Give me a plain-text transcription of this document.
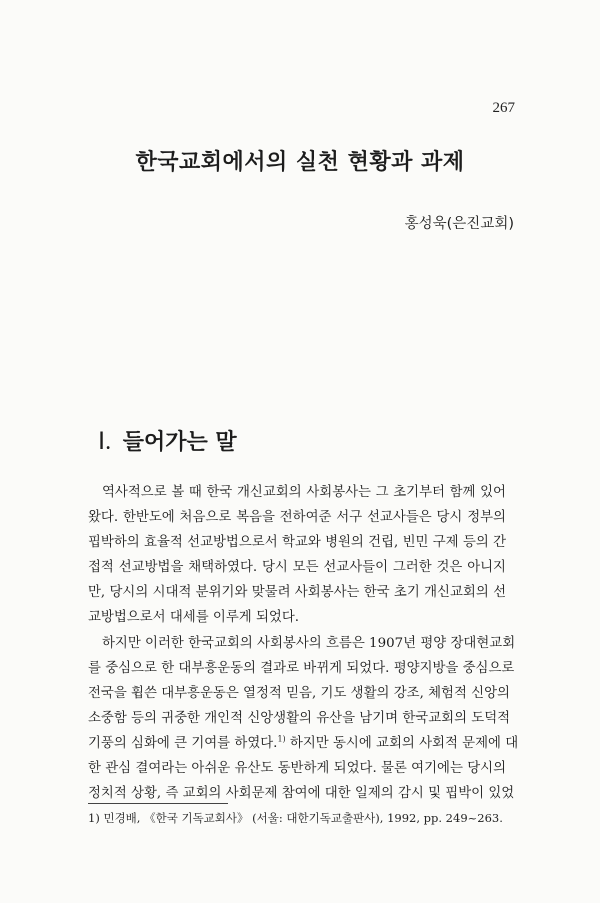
267
한국교회에서의 실천 현황과 과제
홍성욱(은진교회)
Ⅰ. 들어가는 말
역사적으로 볼 때 한국 개신교회의 사회봉사는 그 초기부터 함께 있어
왔다. 한반도에 처음으로 복음을 전하여준 서구 선교사들은 당시 정부의
핍박하의 효율적 선교방법으로서 학교와 병원의 건립, 빈민 구제 등의 간
접적 선교방법을 채택하였다. 당시 모든 선교사들이 그러한 것은 아니지
만, 당시의 시대적 분위기와 맞물려 사회봉사는 한국 초기 개신교회의 선
교방법으로서 대세를 이루게 되었다.
하지만 이러한 한국교회의 사회봉사의 흐름은 1907년 평양 장대현교회
를 중심으로 한 대부흥운동의 결과로 바뀌게 되었다. 평양지방을 중심으로
전국을 휩쓴 대부흥운동은 열정적 믿음, 기도 생활의 강조, 체험적 신앙의
소중함 등의 귀중한 개인적 신앙생활의 유산을 남기며 한국교회의 도덕적
기풍의 심화에 큰 기여를 하였다.$^{1)}$ 하지만 동시에 교회의 사회적 문제에 대
한 관심 결여라는 아쉬운 유산도 동반하게 되었다. 물론 여기에는 당시의
정치적 상황, 즉 교회의 사회문제 참여에 대한 일제의 감시 및 핍박이 있었
1) 민경배, 《한국 기독교회사》 (서울: 대한기독교출판사), 1992, pp. 249~263.
